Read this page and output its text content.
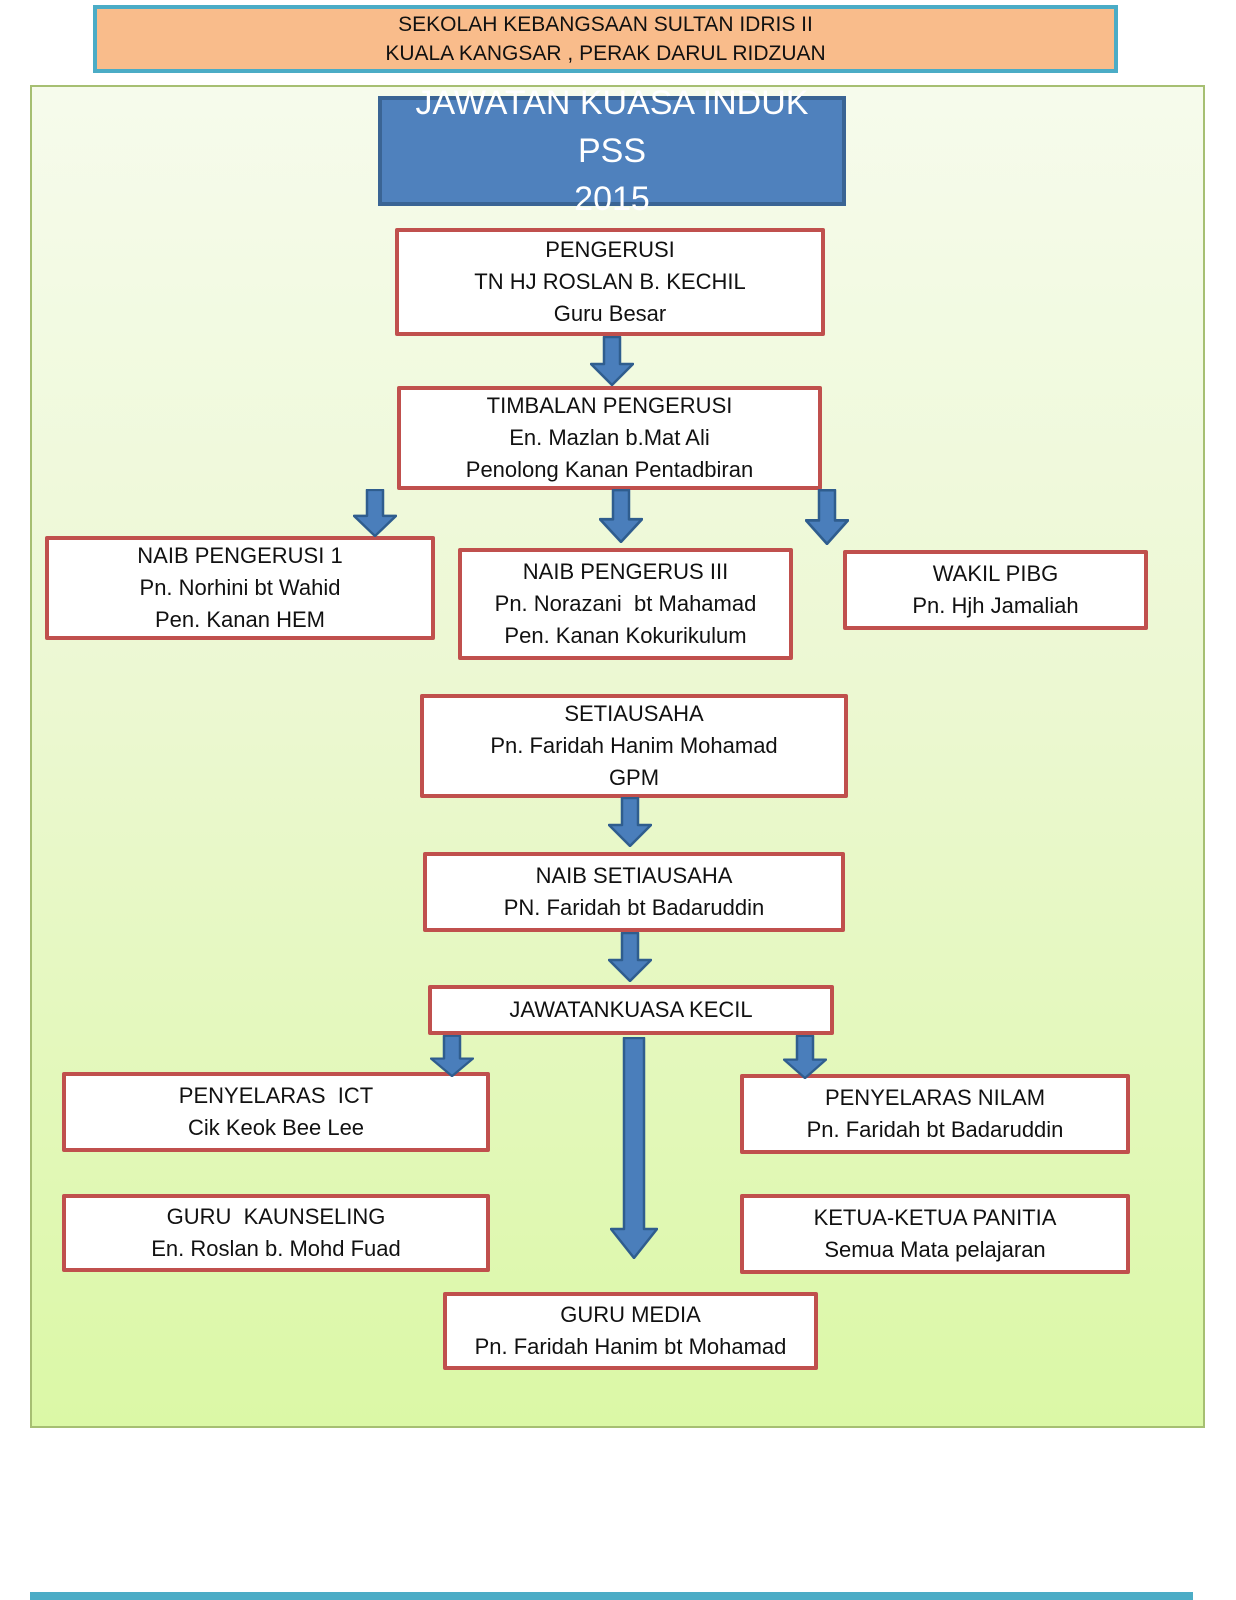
SEKOLAH KEBANGSAAN SULTAN IDRIS II
KUALA KANGSAR , PERAK DARUL RIDZUAN
JAWATAN KUASA INDUK PSS
2015
PENGERUSI
TN HJ ROSLAN B. KECHIL
Guru Besar
TIMBALAN PENGERUSI
En. Mazlan b.Mat Ali
Penolong Kanan Pentadbiran
NAIB PENGERUSI 1
Pn. Norhini bt Wahid
Pen. Kanan HEM
NAIB PENGERUS III
Pn. Norazani  bt Mahamad
Pen. Kanan Kokurikulum
WAKIL PIBG
Pn. Hjh Jamaliah
SETIAUSAHA
Pn. Faridah Hanim Mohamad
GPM
NAIB SETIAUSAHA
PN. Faridah bt Badaruddin
JAWATANKUASA KECIL
PENYELARAS  ICT
Cik Keok Bee Lee
PENYELARAS NILAM
Pn. Faridah bt Badaruddin
GURU  KAUNSELING
En. Roslan b. Mohd Fuad
KETUA-KETUA PANITIA
Semua Mata pelajaran
GURU MEDIA
Pn. Faridah Hanim bt Mohamad
